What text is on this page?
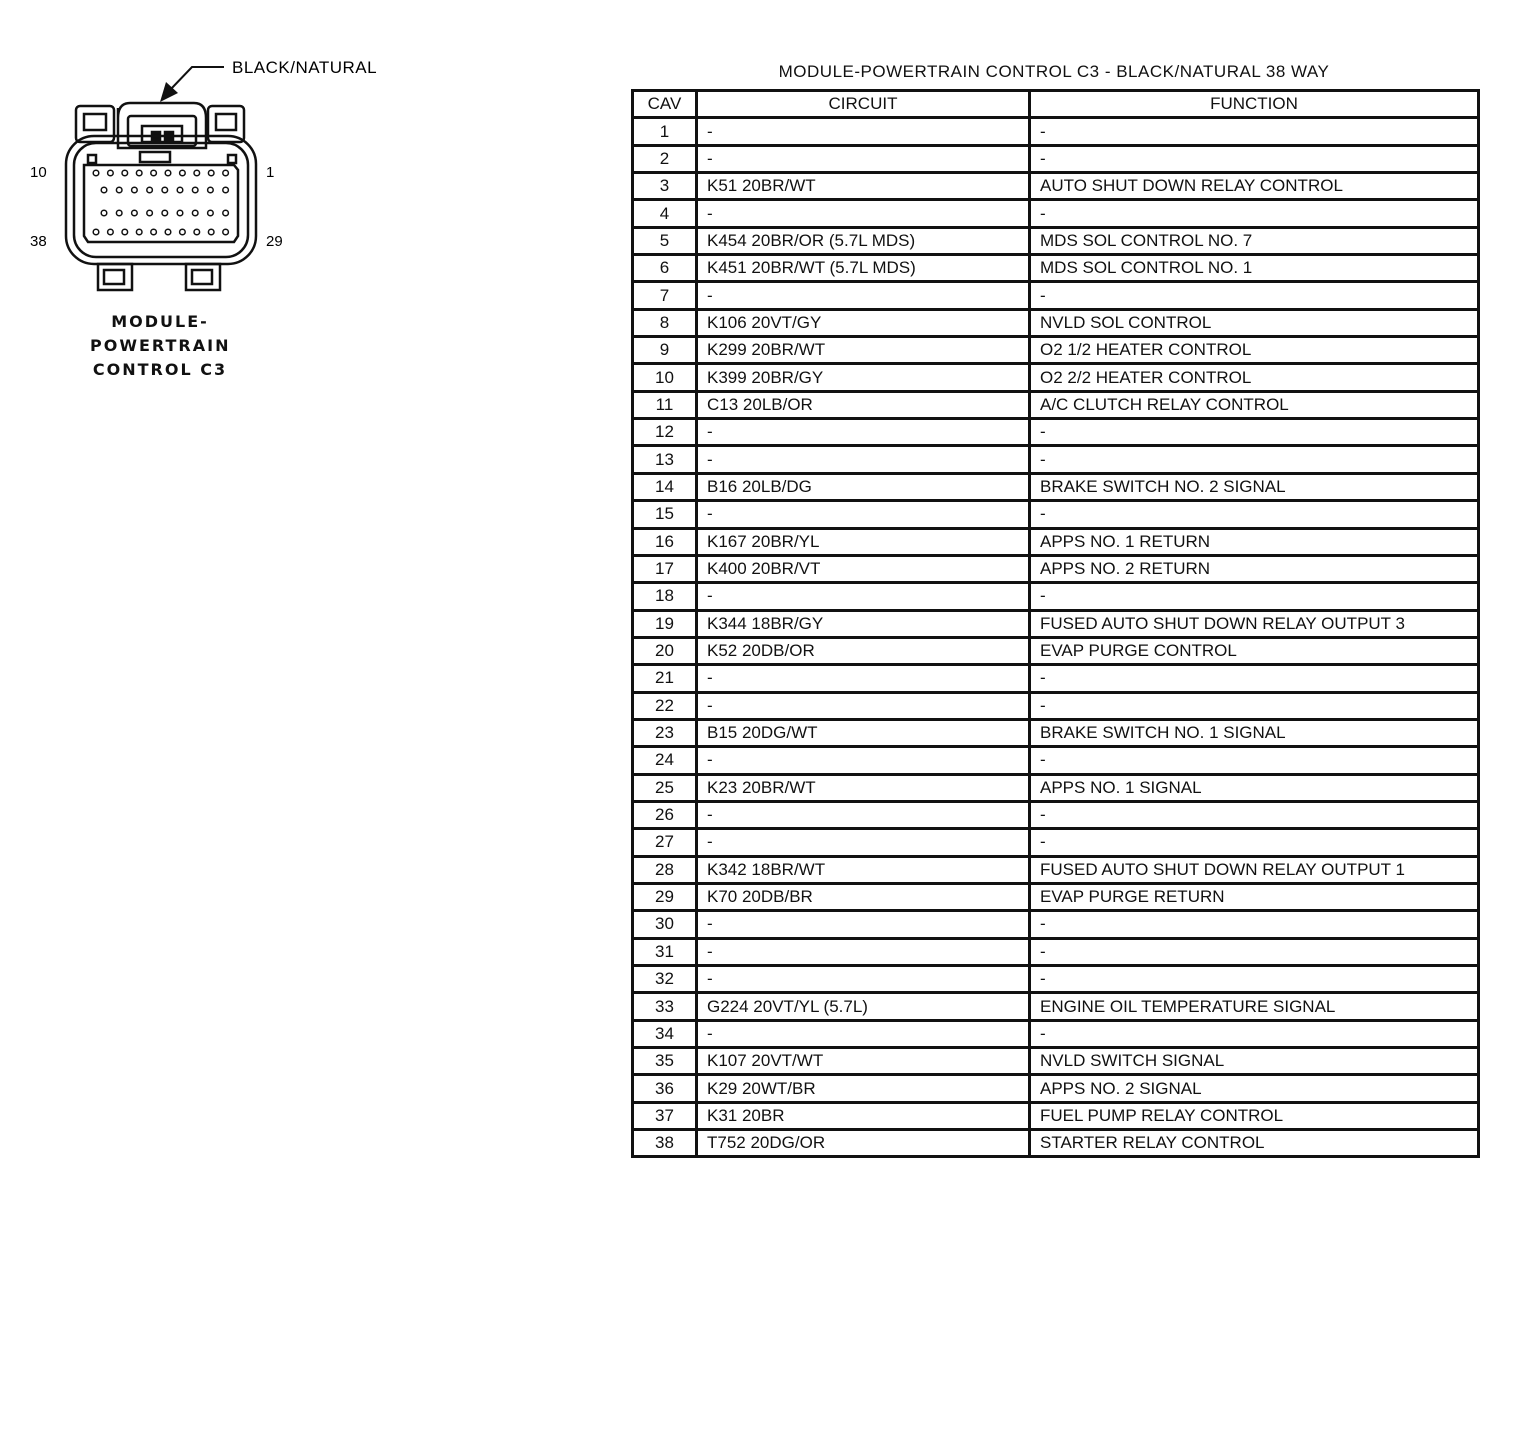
BLACK/NATURAL
10	1
38	29
MODULE-
POWERTRAIN
CONTROL C3
MODULE-POWERTRAIN CONTROL C3 - BLACK/NATURAL 38 WAY
CAV	CIRCUIT	FUNCTION
1	-	-
2	-	-
3	K51 20BR/WT	AUTO SHUT DOWN RELAY CONTROL
4	-	-
5	K454 20BR/OR (5.7L MDS)	MDS SOL CONTROL NO. 7
6	K451 20BR/WT (5.7L MDS)	MDS SOL CONTROL NO. 1
7	-	-
8	K106 20VT/GY	NVLD SOL CONTROL
9	K299 20BR/WT	O2 1/2 HEATER CONTROL
10	K399 20BR/GY	O2 2/2 HEATER CONTROL
11	C13 20LB/OR	A/C CLUTCH RELAY CONTROL
12	-	-
13	-	-
14	B16 20LB/DG	BRAKE SWITCH NO. 2 SIGNAL
15	-	-
16	K167 20BR/YL	APPS NO. 1 RETURN
17	K400 20BR/VT	APPS NO. 2 RETURN
18	-	-
19	K344 18BR/GY	FUSED AUTO SHUT DOWN RELAY OUTPUT 3
20	K52 20DB/OR	EVAP PURGE CONTROL
21	-	-
22	-	-
23	B15 20DG/WT	BRAKE SWITCH NO. 1 SIGNAL
24	-	-
25	K23 20BR/WT	APPS NO. 1 SIGNAL
26	-	-
27	-	-
28	K342 18BR/WT	FUSED AUTO SHUT DOWN RELAY OUTPUT 1
29	K70 20DB/BR	EVAP PURGE RETURN
30	-	-
31	-	-
32	-	-
33	G224 20VT/YL (5.7L)	ENGINE OIL TEMPERATURE SIGNAL
34	-	-
35	K107 20VT/WT	NVLD SWITCH SIGNAL
36	K29 20WT/BR	APPS NO. 2 SIGNAL
37	K31 20BR	FUEL PUMP RELAY CONTROL
38	T752 20DG/OR	STARTER RELAY CONTROL
